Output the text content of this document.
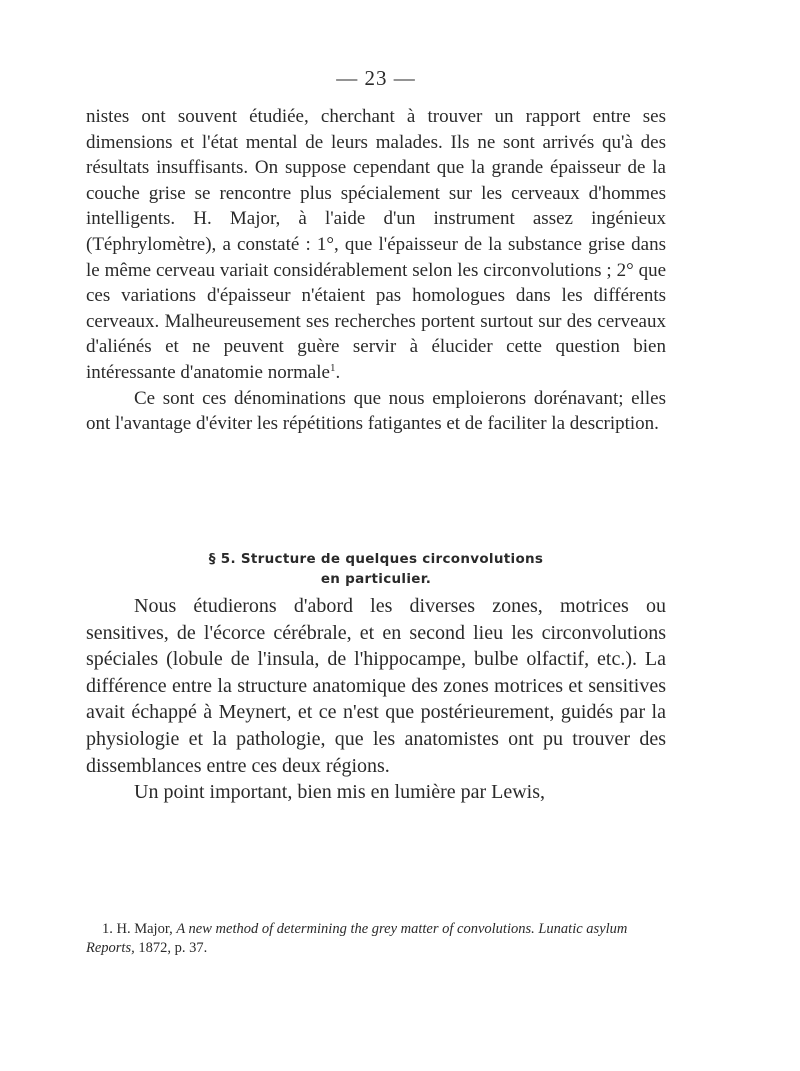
— 23 —

nistes ont souvent étudiée, cherchant à trouver un rapport entre ses dimensions et l'état mental de leurs malades. Ils ne sont arrivés qu'à des résultats insuffisants. On suppose cependant que la grande épaisseur de la couche grise se rencontre plus spécialement sur les cerveaux d'hommes intelligents. H. Major, à l'aide d'un instrument assez ingénieux (Téphrylomètre), a constaté : 1°, que l'épaisseur de la substance grise dans le même cerveau variait considérablement selon les circonvolutions ; 2° que ces variations d'épaisseur n'étaient pas homologues dans les différents cerveaux. Malheureusement ses recherches portent surtout sur des cerveaux d'aliénés et ne peuvent guère servir à élucider cette question bien intéressante d'anatomie normale$^1$.

Ce sont ces dénominations que nous emploierons dorénavant; elles ont l'avantage d'éviter les répétitions fatigantes et de faciliter la description.

§ 5. Structure de quelques circonvolutions
en particulier.

Nous étudierons d'abord les diverses zones, motrices ou sensitives, de l'écorce cérébrale, et en second lieu les circonvolutions spéciales (lobule de l'insula, de l'hippocampe, bulbe olfactif, etc.). La différence entre la structure anatomique des zones motrices et sensitives avait échappé à Meynert, et ce n'est que postérieurement, guidés par la physiologie et la pathologie, que les anatomistes ont pu trouver des dissemblances entre ces deux régions.

Un point important, bien mis en lumière par Lewis,

1. H. Major, A new method of determining the grey matter of convolutions. Lunatic asylum Reports, 1872, p. 37.
